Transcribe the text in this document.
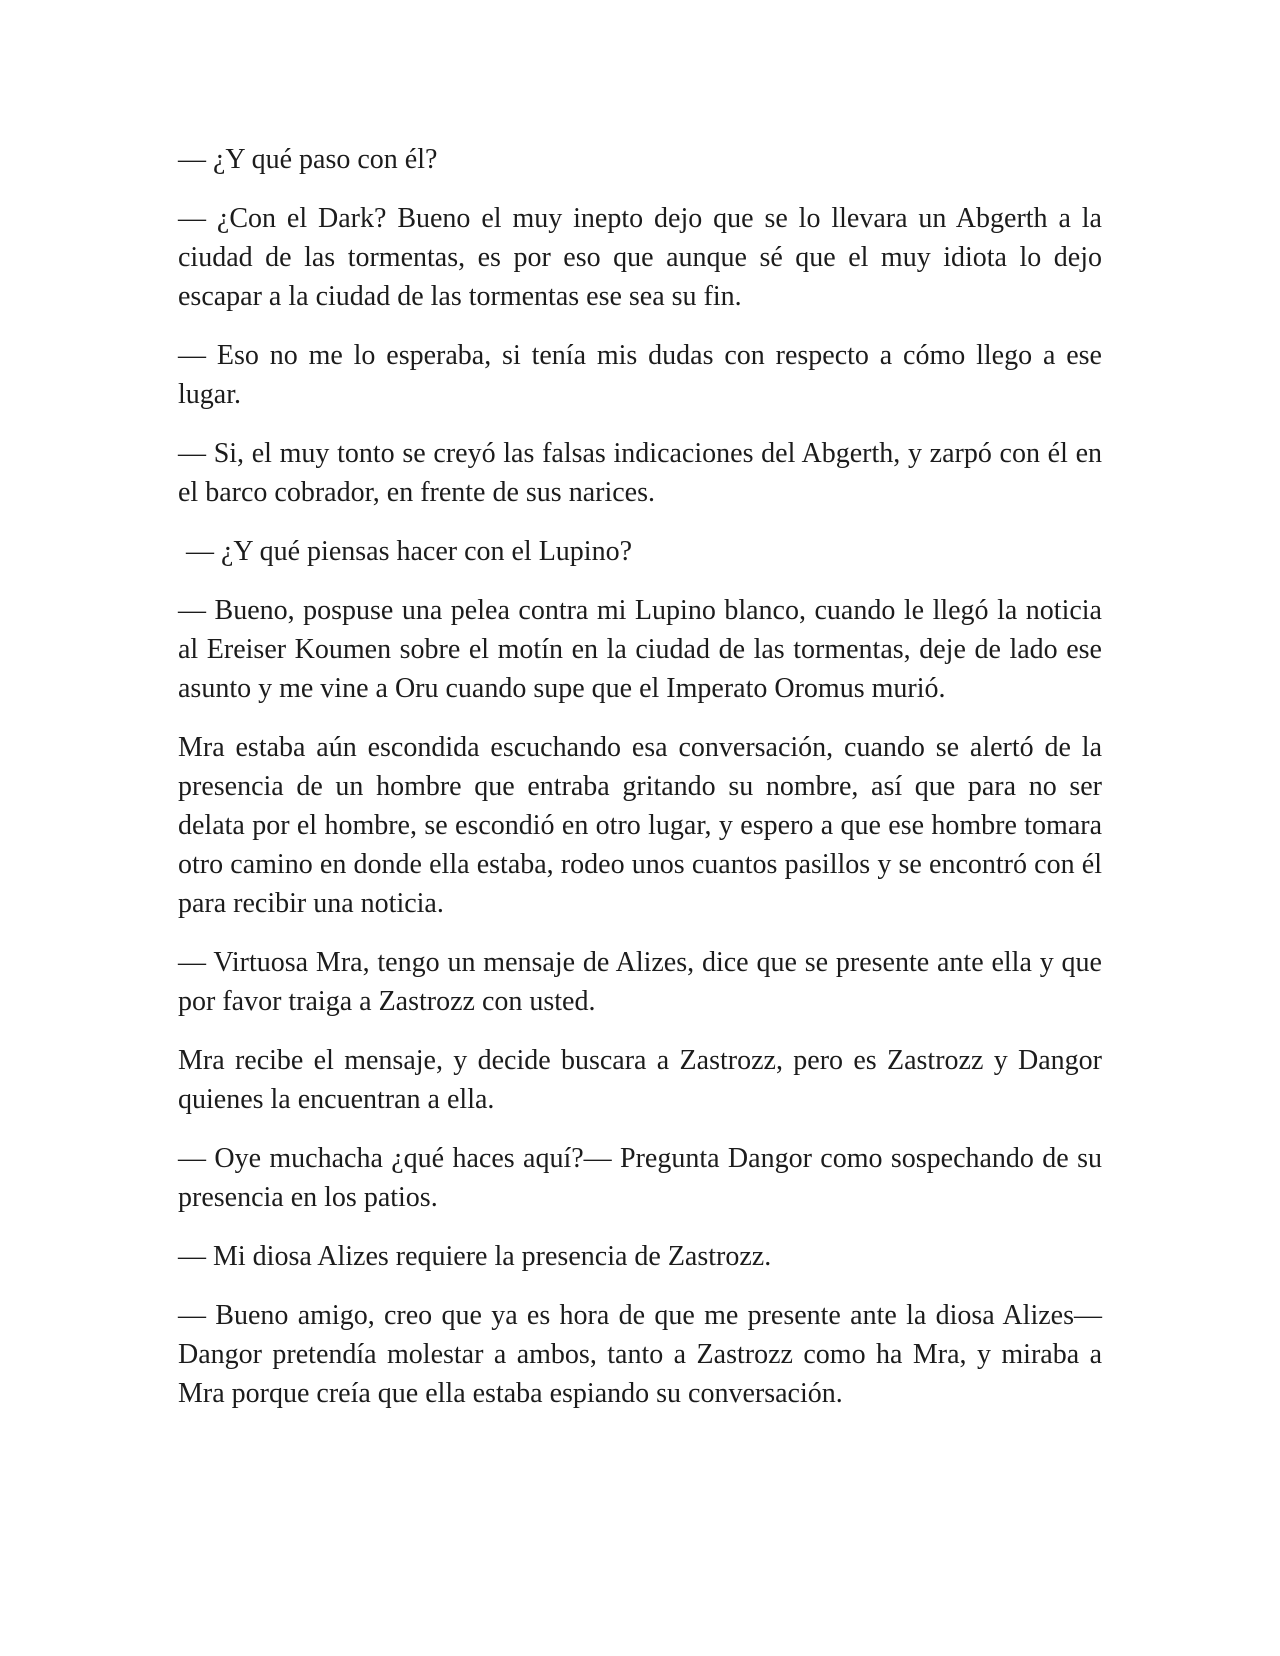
— ¿Y qué paso con él?

— ¿Con el Dark? Bueno el muy inepto dejo que se lo llevara un Abgerth a la ciudad de las tormentas, es por eso que aunque sé que el muy idiota lo dejo escapar a la ciudad de las tormentas ese sea su fin.

— Eso no me lo esperaba, si tenía mis dudas con respecto a cómo llego a ese lugar.

— Si, el muy tonto se creyó las falsas indicaciones del Abgerth, y zarpó con él en el barco cobrador, en frente de sus narices.

— ¿Y qué piensas hacer con el Lupino?

— Bueno, pospuse una pelea contra mi Lupino blanco, cuando le llegó la noticia al Ereiser Koumen sobre el motín en la ciudad de las tormentas, deje de lado ese asunto y me vine a Oru cuando supe que el Imperato Oromus murió.

Mra estaba aún escondida escuchando esa conversación, cuando se alertó de la presencia de un hombre que entraba gritando su nombre, así que para no ser delata por el hombre, se escondió en otro lugar, y espero a que ese hombre tomara otro camino en donde ella estaba, rodeo unos cuantos pasillos y se encontró con él para recibir una noticia.

— Virtuosa Mra, tengo un mensaje de Alizes, dice que se presente ante ella y que por favor traiga a Zastrozz con usted.

Mra recibe el mensaje, y decide buscara a Zastrozz, pero es Zastrozz y Dangor quienes la encuentran a ella.

— Oye muchacha ¿qué haces aquí?— Pregunta Dangor como sospechando de su presencia en los patios.

— Mi diosa Alizes requiere la presencia de Zastrozz.

— Bueno amigo, creo que ya es hora de que me presente ante la diosa Alizes— Dangor pretendía molestar a ambos, tanto a Zastrozz como ha Mra, y miraba a Mra porque creía que ella estaba espiando su conversación.
